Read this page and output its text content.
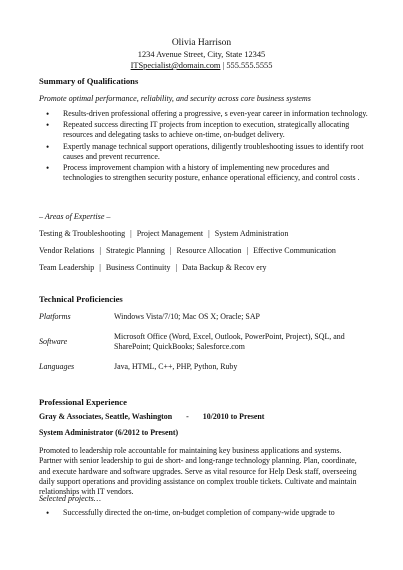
Olivia Harrison
1234 Avenue Street, City, State 12345
ITSpecialist@domain.com | 555.555.5555
Summary of Qualifications
Promote optimal performance, reliability, and security across core business systems
• Results-driven professional offering a progressive, s even-year career in information technology.
• Repeated success directing IT projects from inception to execution, strategically allocating resources and delegating tasks to achieve on-time, on-budget delivery.
• Expertly manage technical support operations, diligently troubleshooting issues to identify root causes and prevent recurrence.
• Process improvement champion with a history of implementing new procedures and technologies to strengthen security posture, enhance operational efficiency, and control costs .
– Areas of Expertise –
Testing & Troubleshooting | Project Management | System Administration
Vendor Relations | Strategic Planning | Resource Allocation | Effective Communication
Team Leadership | Business Continuity | Data Backup & Recov ery
Technical Proficiencies
Platforms	Windows Vista/7/10; Mac OS X; Oracle; SAP
Software
Microsoft Office (Word, Excel, Outlook, PowerPoint, Project), SQL, and SharePoint; QuickBooks; Salesforce.com
Languages	Java, HTML, C++, PHP, Python, Ruby
Professional Experience
Gray & Associates, Seattle, Washington - 10/2010 to Present
System Administrator (6/2012 to Present)
Promoted to leadership role accountable for maintaining key business applications and systems. Partner with senior leadership to gui de short- and long-range technology planning. Plan, coordinate, and execute hardware and software upgrades. Serve as vital resource for Help Desk staff, overseeing daily support operations and providing assistance on complex trouble tickets. Cultivate and maintain relationships with IT vendors.
Selected projects…
• Successfully directed the on-time, on-budget completion of company-wide upgrade to
